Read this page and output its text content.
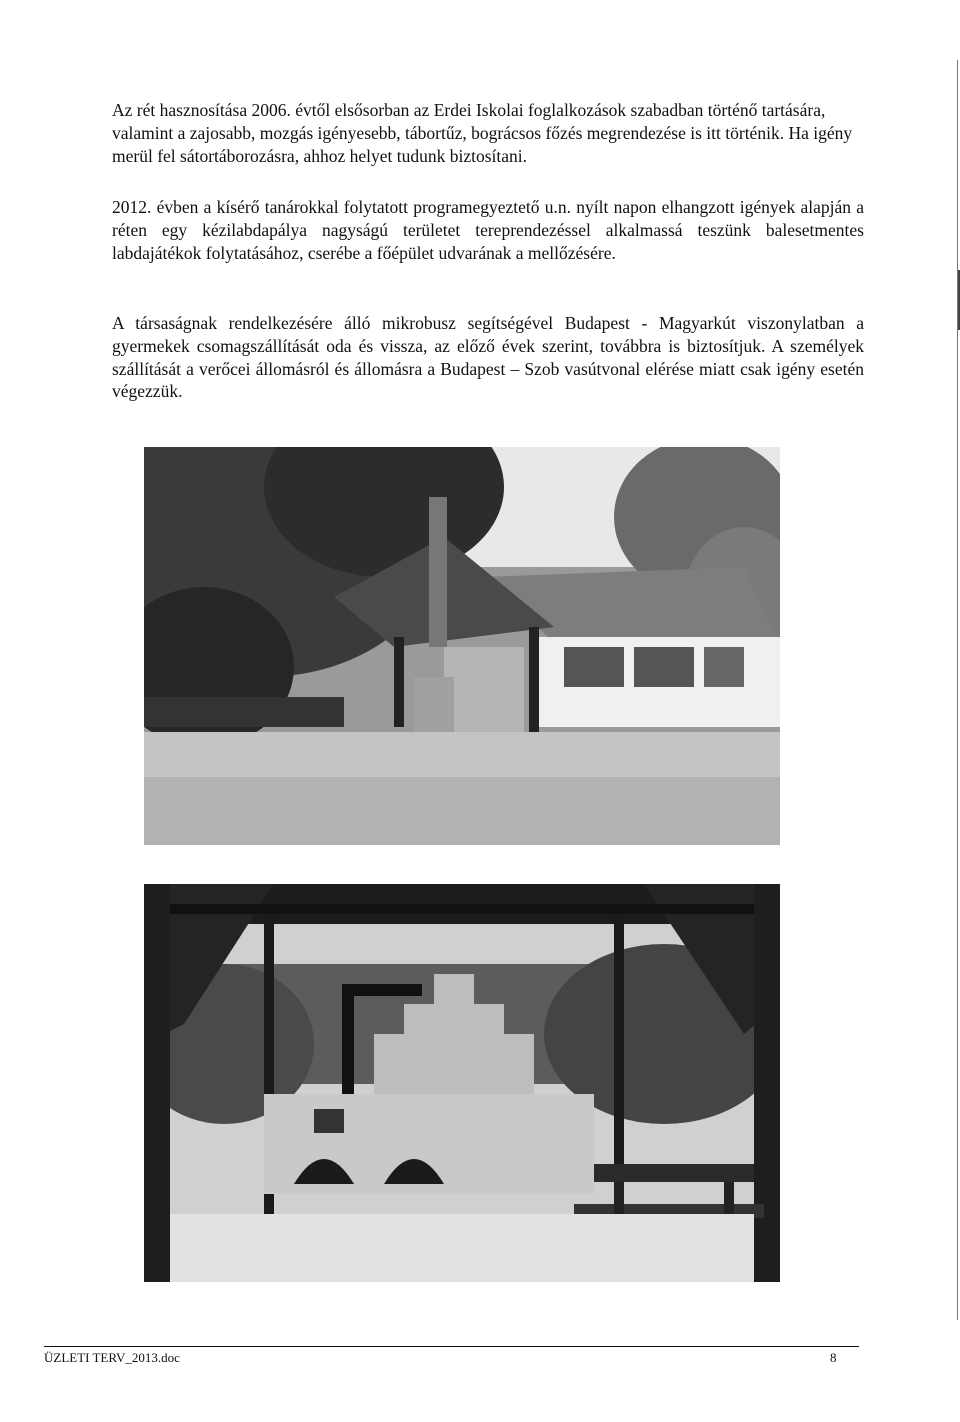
Az rét hasznosítása 2006. évtől elsősorban az Erdei Iskolai foglalkozások szabadban történő tartására, valamint a zajosabb, mozgás igényesebb, tábortűz, bográcsos főzés megrendezése is itt történik. Ha igény merül fel sátortáborozásra, ahhoz helyet tudunk biztosítani.
2012. évben a kísérő tanárokkal folytatott programegyeztető u.n. nyílt napon elhangzott igények alapján a réten egy kézilabdapálya nagyságú területet tereprendezéssel alkalmassá teszünk balesetmentes labdajátékok folytatásához, cserébe a főépület udvarának a mellőzésére.
A társaságnak rendelkezésére álló mikrobusz segítségével Budapest - Magyarkút viszonylatban a gyermekek csomagszállítását oda és vissza, az előző évek szerint, továbbra is biztosítjuk. A személyek szállítását a verőcei állomásról és állomásra a Budapest – Szob vasútvonal elérése miatt csak igény esetén végezzük.
ÜZLETI TERV_2013.doc	8
